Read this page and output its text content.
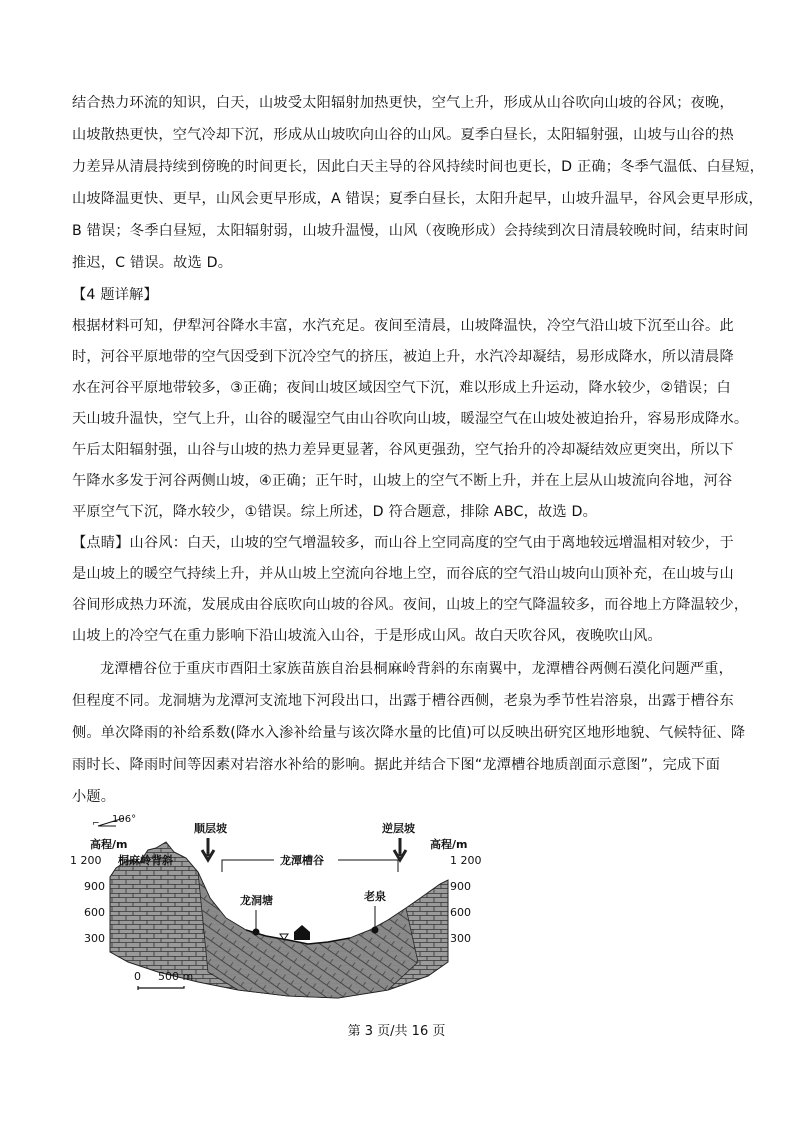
结合热力环流的知识，白天，山坡受太阳辐射加热更快，空气上升，形成从山谷吹向山坡的谷风；夜晚，
山坡散热更快，空气冷却下沉，形成从山坡吹向山谷的山风。夏季白昼长，太阳辐射强，山坡与山谷的热
力差异从清晨持续到傍晚的时间更长，因此白天主导的谷风持续时间也更长，D 正确；冬季气温低、白昼短，
山坡降温更快、更早，山风会更早形成，A 错误；夏季白昼长，太阳升起早，山坡升温早，谷风会更早形成，
B 错误；冬季白昼短，太阳辐射弱，山坡升温慢，山风（夜晚形成）会持续到次日清晨较晚时间，结束时间
推迟，C 错误。故选 D。
【4 题详解】
根据材料可知，伊犁河谷降水丰富，水汽充足。夜间至清晨，山坡降温快，冷空气沿山坡下沉至山谷。此
时，河谷平原地带的空气因受到下沉冷空气的挤压，被迫上升，水汽冷却凝结，易形成降水，所以清晨降
水在河谷平原地带较多，③正确；夜间山坡区域因空气下沉，难以形成上升运动，降水较少，②错误；白
天山坡升温快，空气上升，山谷的暖湿空气由山谷吹向山坡，暖湿空气在山坡处被迫抬升，容易形成降水。
午后太阳辐射强，山谷与山坡的热力差异更显著，谷风更强劲，空气抬升的冷却凝结效应更突出，所以下
午降水多发于河谷两侧山坡，④正确；正午时，山坡上的空气不断上升，并在上层从山坡流向谷地，河谷
平原空气下沉，降水较少，①错误。综上所述，D 符合题意，排除 ABC，故选 D。
【点睛】山谷风：白天，山坡的空气增温较多，而山谷上空同高度的空气由于离地较远增温相对较少，于
是山坡上的暖空气持续上升，并从山坡上空流向谷地上空，而谷底的空气沿山坡向山顶补充，在山坡与山
谷间形成热力环流，发展成由谷底吹向山坡的谷风。夜间，山坡上的空气降温较多，而谷地上方降温较少，
山坡上的冷空气在重力影响下沿山坡流入山谷，于是形成山风。故白天吹谷风，夜晚吹山风。
龙潭槽谷位于重庆市酉阳土家族苗族自治县桐麻岭背斜的东南翼中，龙潭槽谷两侧石漠化问题严重，
但程度不同。龙洞塘为龙潭河支流地下河段出口，出露于槽谷西侧，老泉为季节性岩溶泉，出露于槽谷东
侧。单次降雨的补给系数(降水入渗补给量与该次降水量的比值)可以反映出研究区地形地貌、气候特征、降
雨时长、降雨时间等因素对岩溶水补给的影响。据此并结合下图“龙潭槽谷地质剖面示意图”，完成下面
小题。
⌐ 106°
顺层坡	逆层坡
高程/m	高程/m
1 200
900
600
300
1 200
900
600
300
桐麻岭背斜	龙潭槽谷
龙洞塘	老泉
0 500 m
第 3 页/共 16 页
